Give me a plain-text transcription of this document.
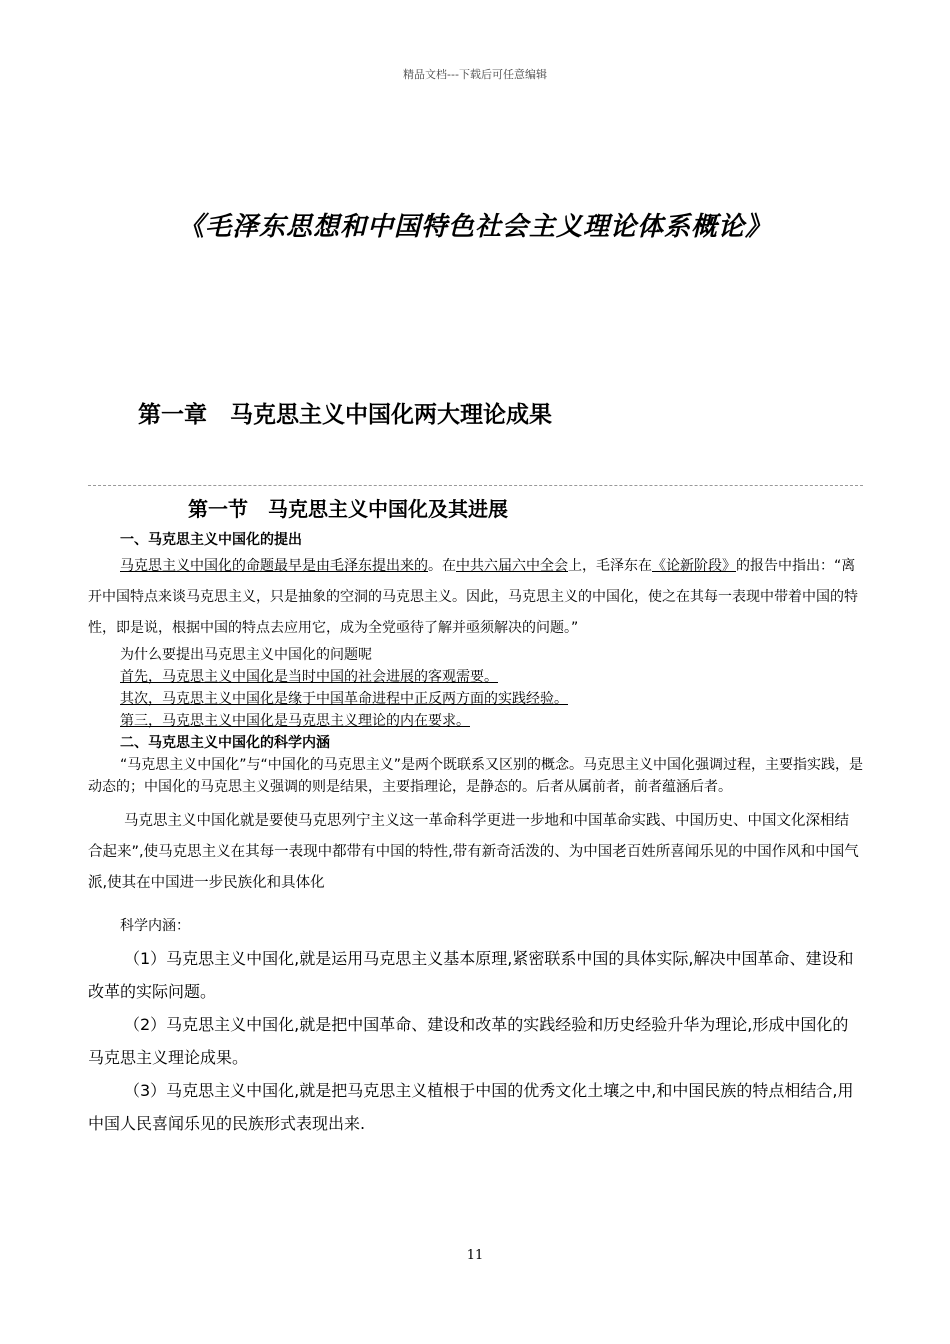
精品文档---下载后可任意编辑
《毛泽东思想和中国特色社会主义理论体系概论》
第一章　马克思主义中国化两大理论成果
第一节　马克思主义中国化及其进展
一、马克思主义中国化的提出

马克思主义中国化的命题最早是由毛泽东提出来的。在中共六届六中全会上，毛泽东在《论新阶段》的报告中指出：“离开中国特点来谈马克思主义，只是抽象的空洞的马克思主义。因此，马克思主义的中国化，使之在其每一表现中带着中国的特性，即是说，根据中国的特点去应用它，成为全党亟待了解并亟须解决的问题。”

为什么要提出马克思主义中国化的问题呢
首先，马克思主义中国化是当时中国的社会进展的客观需要。
其次，马克思主义中国化是缘于中国革命进程中正反两方面的实践经验。
第三，马克思主义中国化是马克思主义理论的内在要求。
二、马克思主义中国化的科学内涵

“马克思主义中国化”与“中国化的马克思主义”是两个既联系又区别的概念。马克思主义中国化强调过程，主要指实践，是动态的；中国化的马克思主义强调的则是结果，主要指理论，是静态的。后者从属前者，前者蕴涵后者。

马克思主义中国化就是要使马克思列宁主义这一革命科学更进一步地和中国革命实践、中国历史、中国文化深相结合起来”,使马克思主义在其每一表现中都带有中国的特性,带有新奇活泼的、为中国老百姓所喜闻乐见的中国作风和中国气派,使其在中国进一步民族化和具体化

科学内涵：

（1）马克思主义中国化,就是运用马克思主义基本原理,紧密联系中国的具体实际,解决中国革命、建设和改革的实际问题。

（2）马克思主义中国化,就是把中国革命、建设和改革的实践经验和历史经验升华为理论,形成中国化的马克思主义理论成果。

（3）马克思主义中国化,就是把马克思主义植根于中国的优秀文化土壤之中,和中国民族的特点相结合,用中国人民喜闻乐见的民族形式表现出来.

11
